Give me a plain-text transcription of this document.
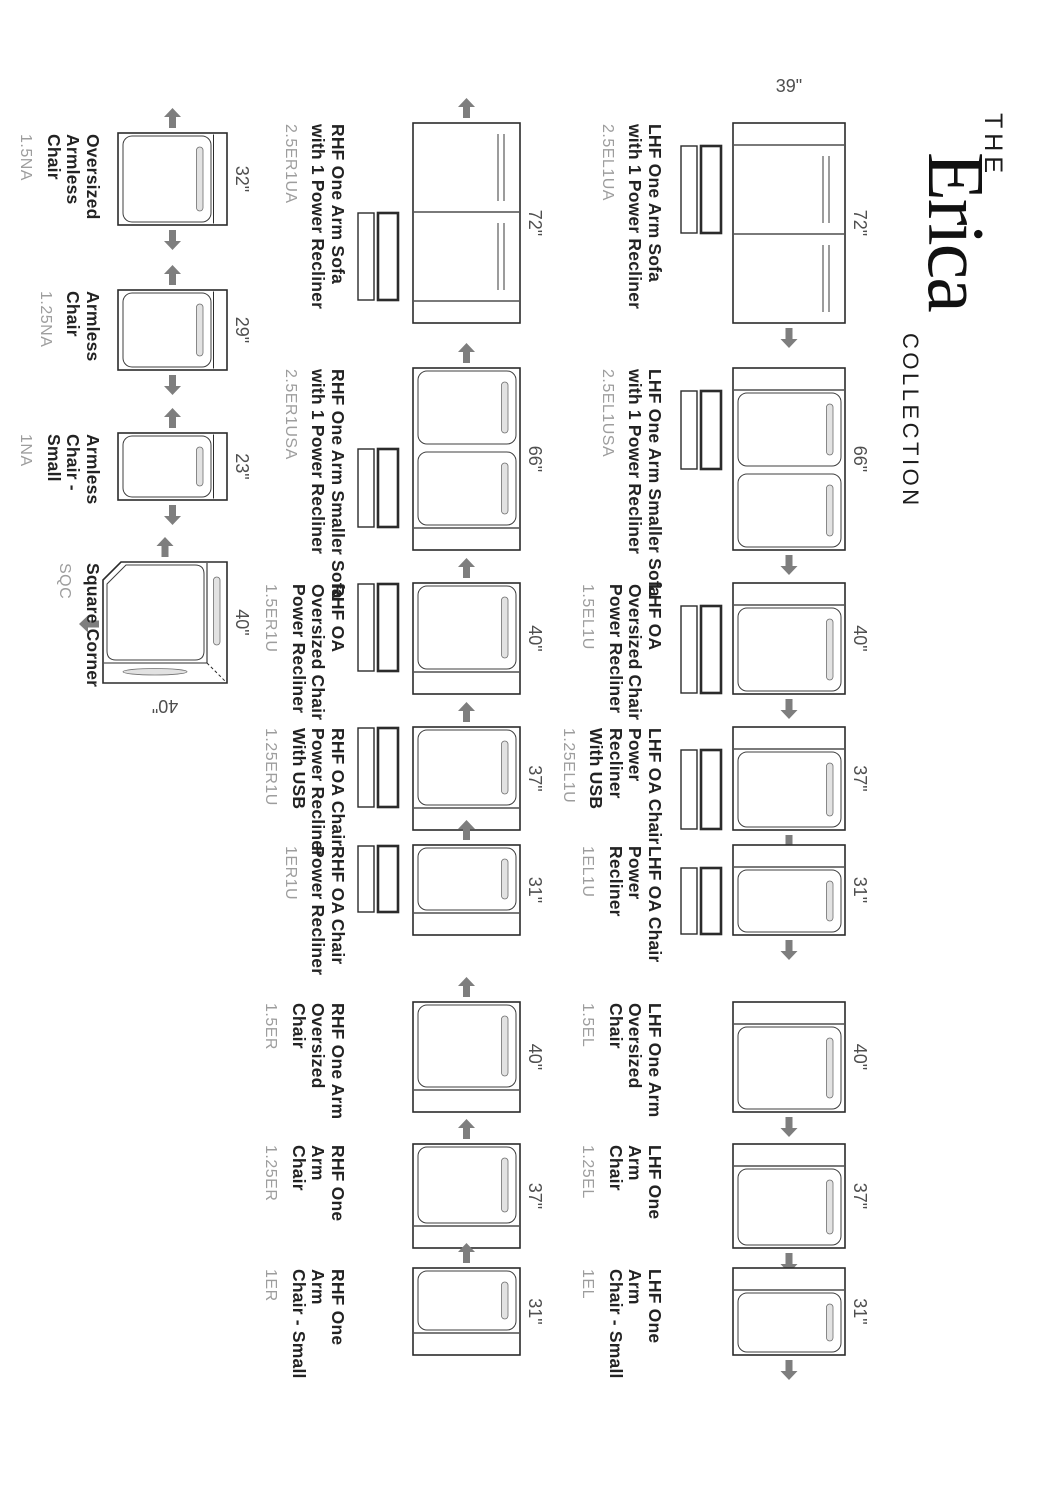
THE
Erica
COLLECTION
72"
39"
LHF One Arm Sofa
with 1 Power Recliner
2.5EL1UA
66"
LHF One Arm Smaller Sofa
with 1 Power Recliner
2.5EL1USA
40"
LHF OA
Oversized Chair
Power Recliner
1.5EL1U
37"
LHF OA Chair
Power
Recliner
With USB
1.25EL1U
31"
LHF OA Chair
Power
Recliner
1EL1U
40"
LHF One Arm
Oversized
Chair
1.5EL
37"
LHF One
Arm
Chair
1.25EL
31"
LHF One
Arm
Chair - Small
1EL
72"
RHF One Arm Sofa
with 1 Power Recliner
2.5ER1UA
66"
RHF One Arm Smaller Sofa
with 1 Power Recliner
2.5ER1USA
40"
RHF OA
Oversized Chair
Power Recliner
1.5ER1U
37"
RHF OA Chair
Power Recliner
With USB
1.25ER1U
31"
RHF OA Chair
Power Recliner
1ER1U
40"
RHF One Arm
Oversized
Chair
1.5ER
37"
RHF One
Arm
Chair
1.25ER
31"
RHF One
Arm
Chair - Small
1ER
32"
Oversized
Armless
Chair
1.5NA
29"
Armless
Chair
1.25NA
23"
Armless
Chair -
Small
1NA
40"
40"
Square Corner
SQC
